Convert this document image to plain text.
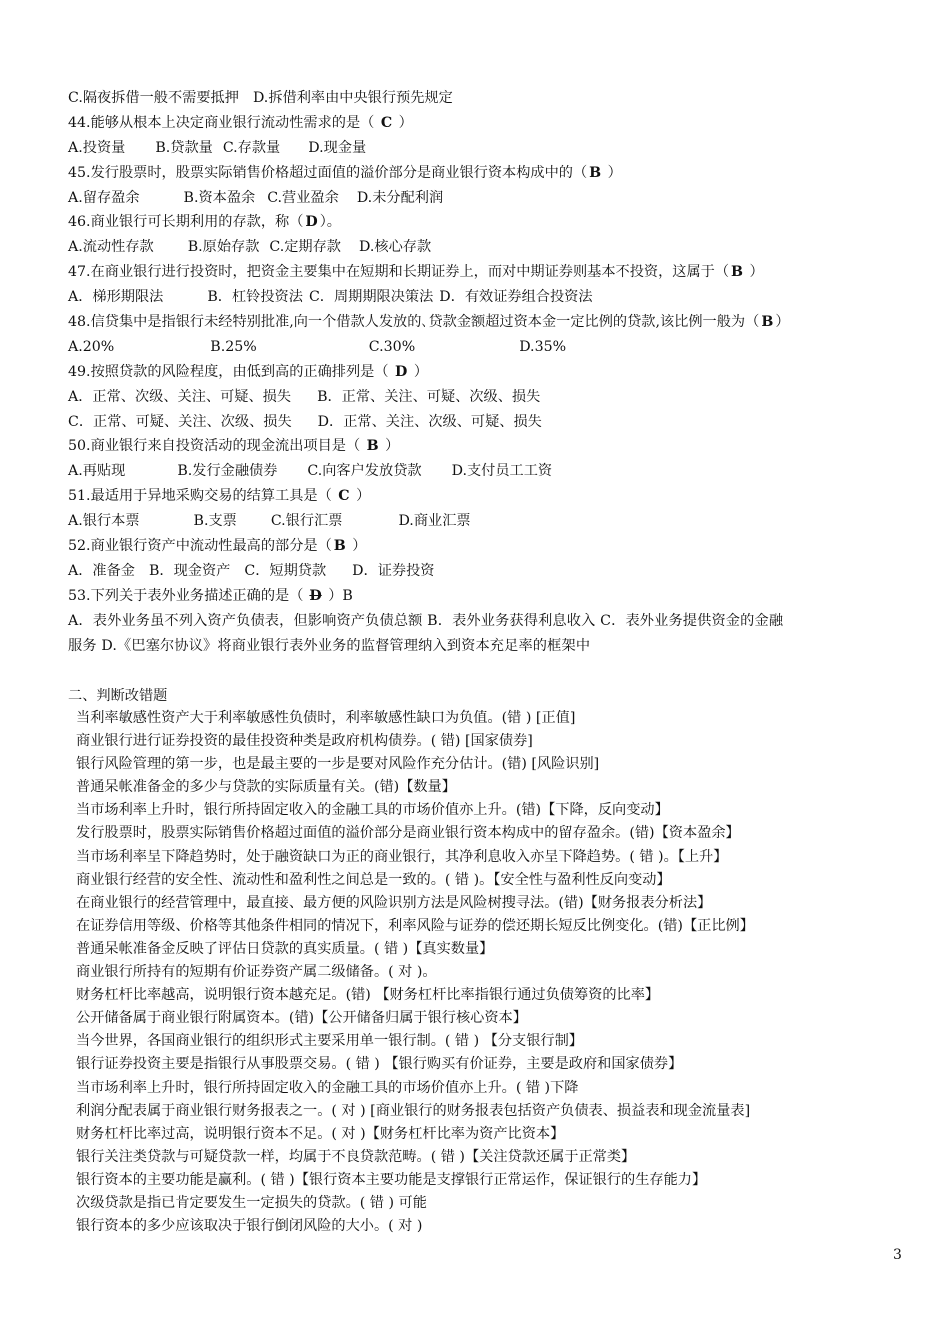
C.隔夜拆借一般不需要抵押 D.拆借利率由中央银行预先规定
44.能够从根本上决定商业银行流动性需求的是（ C ）
A.投资量 B.贷款量 C.存款量 D.现金量
45.发行股票时，股票实际销售价格超过面值的溢价部分是商业银行资本构成中的（ B ）
A.留存盈余	B.资本盈余 C.营业盈余 D.未分配利润
46.商业银行可长期利用的存款，称（ D ）。
A.流动性存款 B.原始存款 C.定期存款 D.核心存款
47.在商业银行进行投资时，把资金主要集中在短期和长期证券上，而对中期证券则基本不投资，这属于（ B ）
A．梯形期限法	B．杠铃投资法 C．周期期限决策法 D．有效证券组合投资法
48.信贷集中是指银行未经特别批准,向一个借款人发放的､贷款金额超过资本金一定比例的贷款,该比例一般为（ B ）
A.20%	B.25%	C.30%	D.35%
49.按照贷款的风险程度，由低到高的正确排列是（ D ）
A．正常、次级、关注、可疑、损失 B．正常、关注、可疑、次级、损失
C．正常、可疑、关注、次级、损失 D．正常、关注、次级、可疑、损失
50.商业银行来自投资活动的现金流出项目是（ B ）
A.再贴现	B.发行金融债券 C.向客户发放贷款 D.支付员工工资
51.最适用于异地采购交易的结算工具是（ C ）
A.银行本票	B.支票 C.银行汇票	D.商业汇票
52.商业银行资产中流动性最高的部分是（ B ）
A．准备金 B．现金资产 C．短期贷款 D．证券投资
53.下列关于表外业务描述正确的是（ D ）B
A．表外业务虽不列入资产负债表，但影响资产负债总额 B．表外业务获得利息收入 C．表外业务提供资金的金融
服务 D.《巴塞尔协议》将商业银行表外业务的监督管理纳入到资本充足率的框架中
二、判断改错题
当利率敏感性资产大于利率敏感性负债时，利率敏感性缺口为负值。(错 ) [正值]
商业银行进行证券投资的最佳投资种类是政府机构债券。( 错) [国家债券]
银行风险管理的第一步，也是最主要的一步是要对风险作充分估计。(错) [风险识别]
普通呆帐准备金的多少与贷款的实际质量有关。(错)【数量】
当市场利率上升时，银行所持固定收入的金融工具的市场价值亦上升。(错)【下降，反向变动】
发行股票时，股票实际销售价格超过面值的溢价部分是商业银行资本构成中的留存盈余。(错)【资本盈余】
当市场利率呈下降趋势时，处于融资缺口为正的商业银行，其净利息收入亦呈下降趋势。( 错 )。【上升】
商业银行经营的安全性、流动性和盈利性之间总是一致的。( 错 )。【安全性与盈利性反向变动】
在商业银行的经营管理中，最直接、最方便的风险识别方法是风险树搜寻法。(错)【财务报表分析法】
在证券信用等级、价格等其他条件相同的情况下，利率风险与证券的偿还期长短反比例变化。(错)【正比例】
普通呆帐准备金反映了评估日贷款的真实质量。( 错 )【真实数量】
商业银行所持有的短期有价证券资产属二级储备。( 对 )。
财务杠杆比率越高，说明银行资本越充足。(错) 【财务杠杆比率指银行通过负债筹资的比率】
公开储备属于商业银行附属资本。(错)【公开储备归属于银行核心资本】
当今世界，各国商业银行的组织形式主要采用单一银行制。( 错 ) 【分支银行制】
银行证券投资主要是指银行从事股票交易。( 错 ) 【银行购买有价证券，主要是政府和国家债券】
当市场利率上升时，银行所持固定收入的金融工具的市场价值亦上升。( 错 )下降
利润分配表属于商业银行财务报表之一。( 对 ) [商业银行的财务报表包括资产负债表、损益表和现金流量表]
财务杠杆比率过高，说明银行资本不足。( 对 )【财务杠杆比率为资产比资本】
银行关注类贷款与可疑贷款一样，均属于不良贷款范畴。( 错 )【关注贷款还属于正常类】
银行资本的主要功能是赢利。( 错 )【银行资本主要功能是支撑银行正常运作，保证银行的生存能力】
次级贷款是指已肯定要发生一定损失的贷款。( 错 ) 可能
银行资本的多少应该取决于银行倒闭风险的大小。( 对 )
3
